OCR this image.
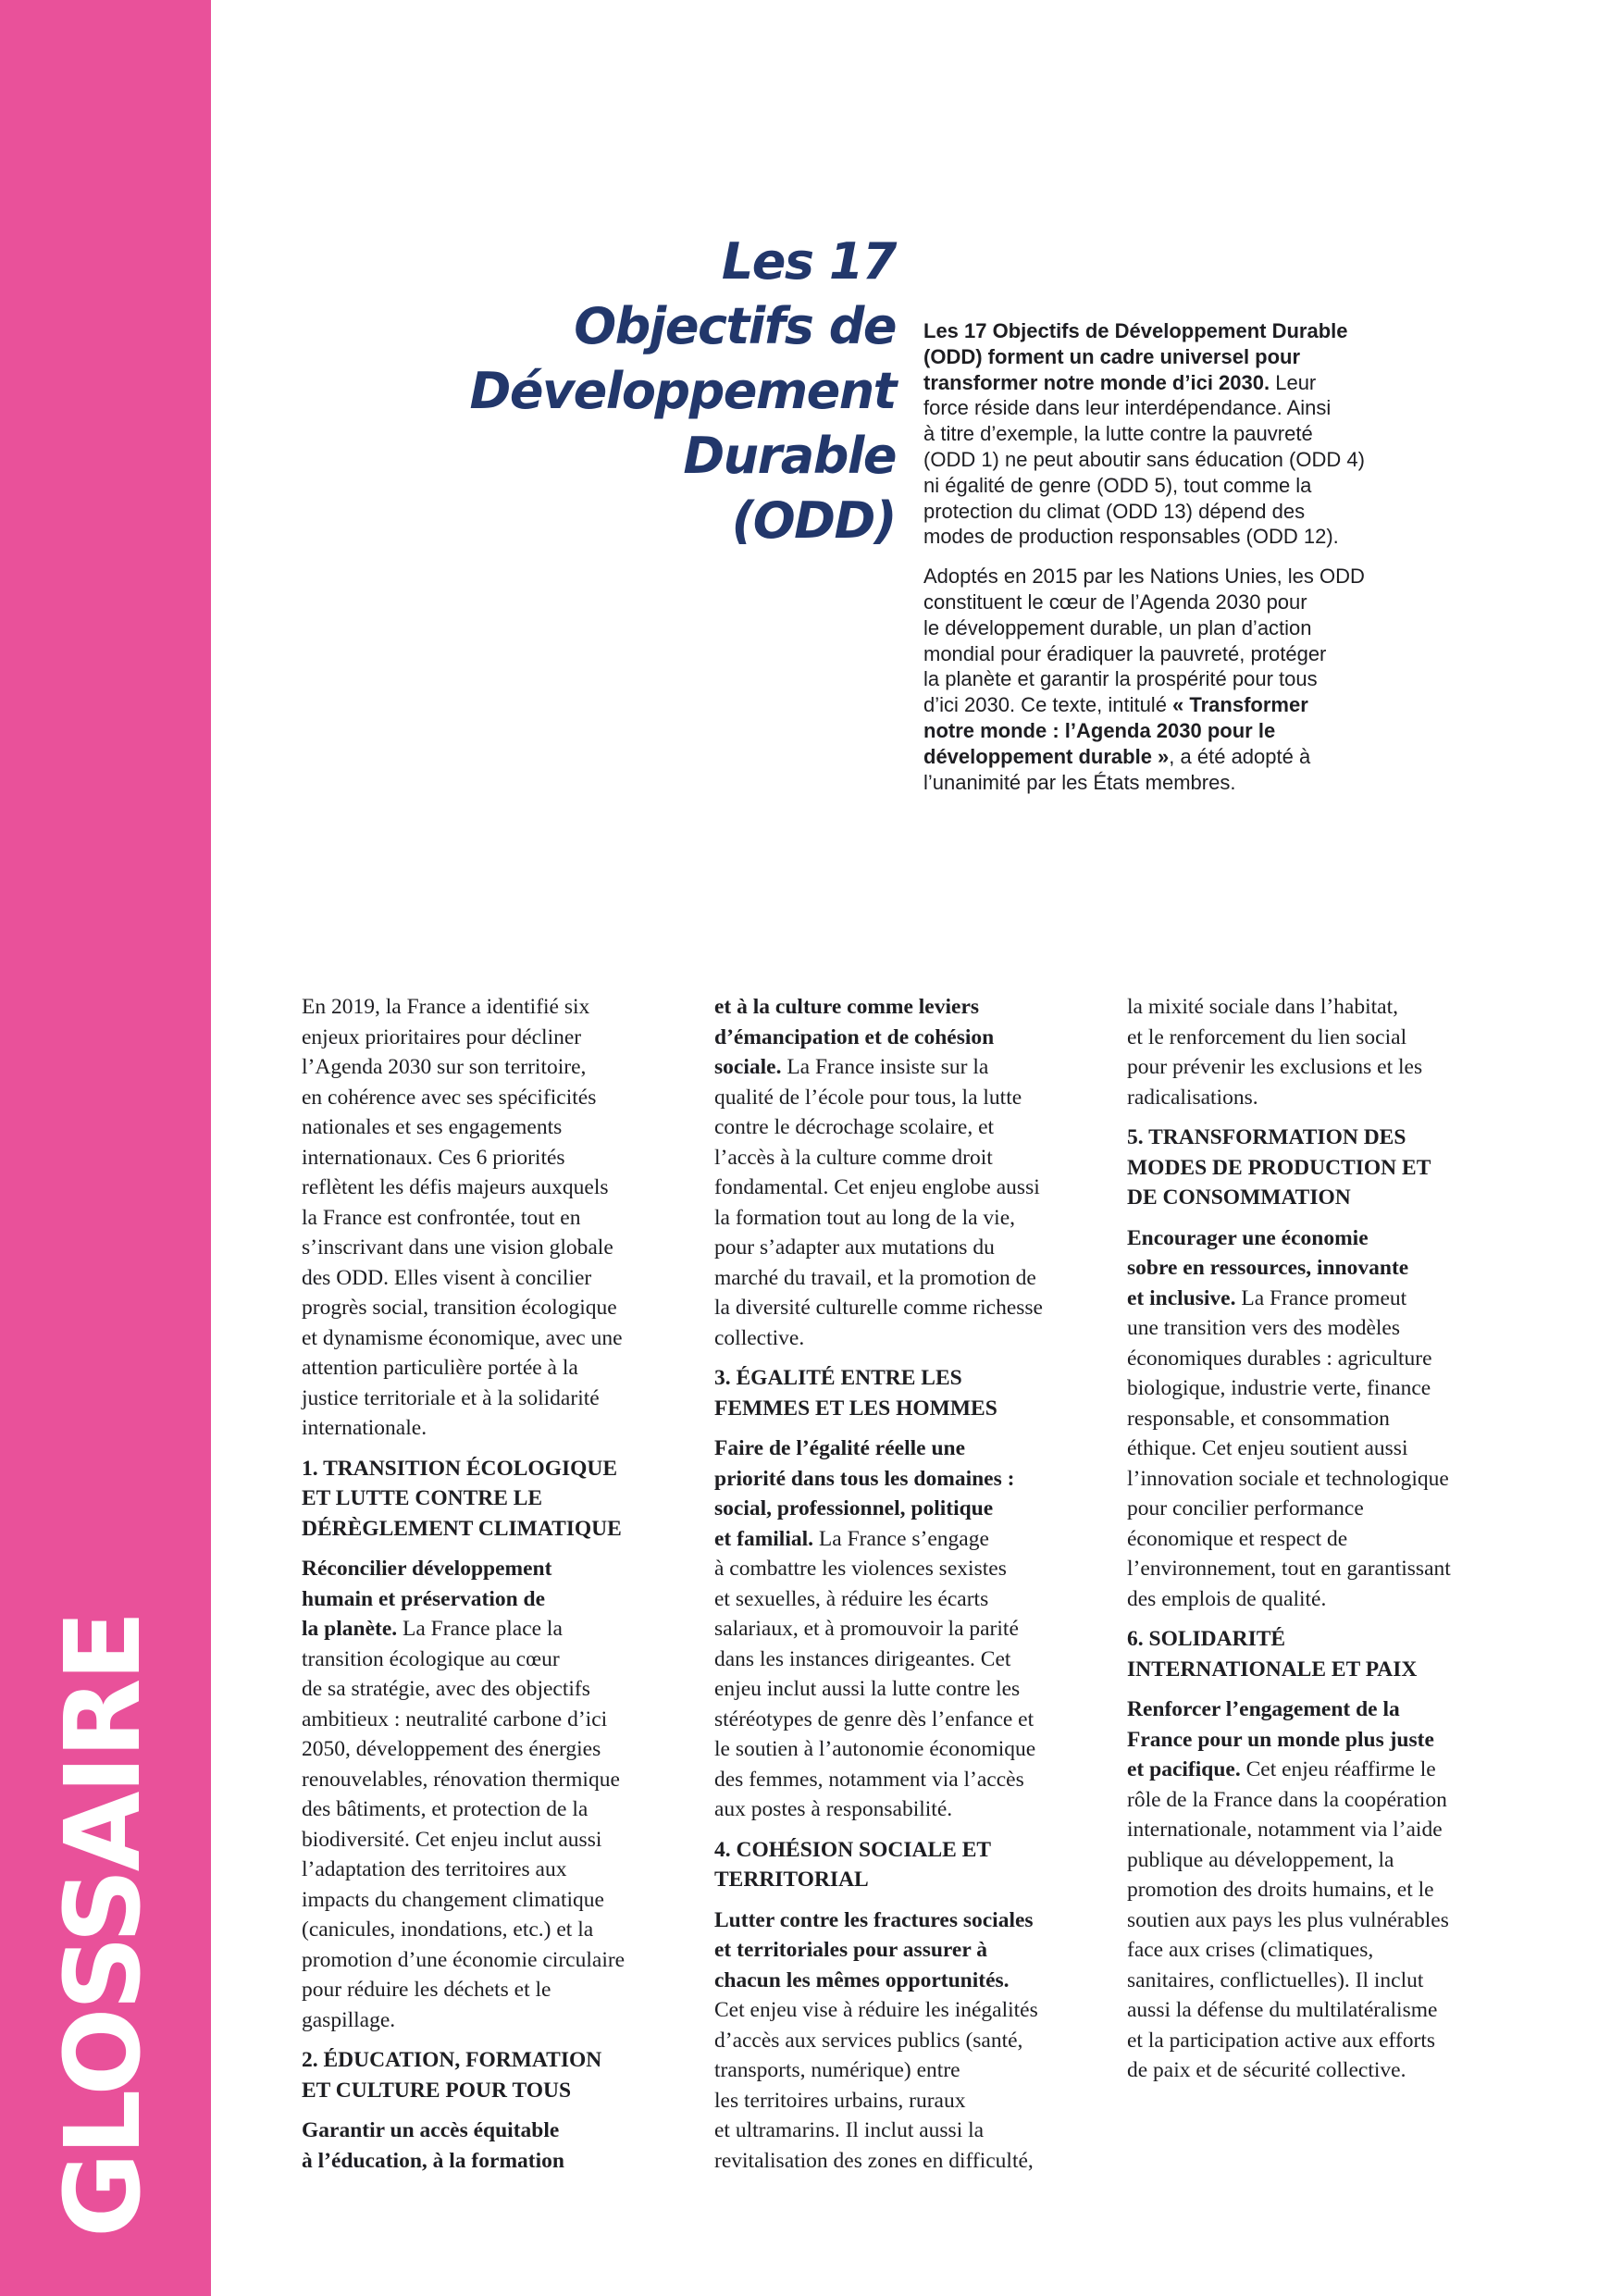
GLOSSAIRE
Les 17
Objectifs de
Développement
Durable
(ODD)
Les 17 Objectifs de Développement Durable
(ODD) forment un cadre universel pour
transformer notre monde d’ici 2030. Leur
force réside dans leur interdépendance. Ainsi
à titre d’exemple, la lutte contre la pauvreté
(ODD 1) ne peut aboutir sans éducation (ODD 4)
ni égalité de genre (ODD 5), tout comme la
protection du climat (ODD 13) dépend des
modes de production responsables (ODD 12).
Adoptés en 2015 par les Nations Unies, les ODD
constituent le cœur de l’Agenda 2030 pour
le développement durable, un plan d’action
mondial pour éradiquer la pauvreté, protéger
la planète et garantir la prospérité pour tous
d’ici 2030. Ce texte, intitulé « Transformer
notre monde : l’Agenda 2030 pour le
développement durable », a été adopté à
l’unanimité par les États membres.
En 2019, la France a identifié six
enjeux prioritaires pour décliner
l’Agenda 2030 sur son territoire,
en cohérence avec ses spécificités
nationales et ses engagements
internationaux. Ces 6 priorités
reflètent les défis majeurs auxquels
la France est confrontée, tout en
s’inscrivant dans une vision globale
des ODD. Elles visent à concilier
progrès social, transition écologique
et dynamisme économique, avec une
attention particulière portée à la
justice territoriale et à la solidarité
internationale.
1. TRANSITION ÉCOLOGIQUE
ET LUTTE CONTRE LE
DÉRÈGLEMENT CLIMATIQUE
Réconcilier développement
humain et préservation de
la planète. La France place la
transition écologique au cœur
de sa stratégie, avec des objectifs
ambitieux : neutralité carbone d’ici
2050, développement des énergies
renouvelables, rénovation thermique
des bâtiments, et protection de la
biodiversité. Cet enjeu inclut aussi
l’adaptation des territoires aux
impacts du changement climatique
(canicules, inondations, etc.) et la
promotion d’une économie circulaire
pour réduire les déchets et le
gaspillage.
2. ÉDUCATION, FORMATION
ET CULTURE POUR TOUS
Garantir un accès équitable
à l’éducation, à la formation
et à la culture comme leviers
d’émancipation et de cohésion
sociale. La France insiste sur la
qualité de l’école pour tous, la lutte
contre le décrochage scolaire, et
l’accès à la culture comme droit
fondamental. Cet enjeu englobe aussi
la formation tout au long de la vie,
pour s’adapter aux mutations du
marché du travail, et la promotion de
la diversité culturelle comme richesse
collective.
3. ÉGALITÉ ENTRE LES
FEMMES ET LES HOMMES
Faire de l’égalité réelle une
priorité dans tous les domaines :
social, professionnel, politique
et familial. La France s’engage
à combattre les violences sexistes
et sexuelles, à réduire les écarts
salariaux, et à promouvoir la parité
dans les instances dirigeantes. Cet
enjeu inclut aussi la lutte contre les
stéréotypes de genre dès l’enfance et
le soutien à l’autonomie économique
des femmes, notamment via l’accès
aux postes à responsabilité.
4. COHÉSION SOCIALE ET
TERRITORIAL
Lutter contre les fractures sociales
et territoriales pour assurer à
chacun les mêmes opportunités.
Cet enjeu vise à réduire les inégalités
d’accès aux services publics (santé,
transports, numérique) entre
les territoires urbains, ruraux
et ultramarins. Il inclut aussi la
revitalisation des zones en difficulté,
la mixité sociale dans l’habitat,
et le renforcement du lien social
pour prévenir les exclusions et les
radicalisations.
5. TRANSFORMATION DES
MODES DE PRODUCTION ET
DE CONSOMMATION
Encourager une économie
sobre en ressources, innovante
et inclusive. La France promeut
une transition vers des modèles
économiques durables : agriculture
biologique, industrie verte, finance
responsable, et consommation
éthique. Cet enjeu soutient aussi
l’innovation sociale et technologique
pour concilier performance
économique et respect de
l’environnement, tout en garantissant
des emplois de qualité.
6. SOLIDARITÉ
INTERNATIONALE ET PAIX
Renforcer l’engagement de la
France pour un monde plus juste
et pacifique. Cet enjeu réaffirme le
rôle de la France dans la coopération
internationale, notamment via l’aide
publique au développement, la
promotion des droits humains, et le
soutien aux pays les plus vulnérables
face aux crises (climatiques,
sanitaires, conflictuelles). Il inclut
aussi la défense du multilatéralisme
et la participation active aux efforts
de paix et de sécurité collective.
